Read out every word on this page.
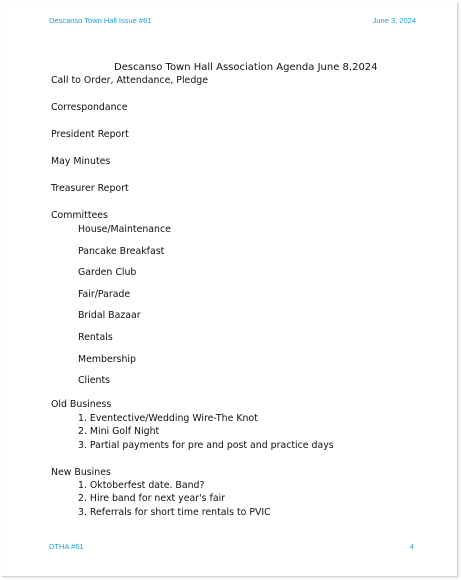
Descanso Town Hall Issue #61	June 3, 2024
Descanso Town Hall Association Agenda June 8,2024
Call to Order, Attendance, Pledge
Correspondance
President Report
May Minutes
Treasurer Report
Committees
House/Maintenance
Pancake Breakfast
Garden Club
Fair/Parade
Bridal Bazaar
Rentals
Membership
Clients
Old Business
1. Eventective/Wedding Wire-The Knot
2. Mini Golf Night
3. Partial payments for pre and post and practice days
New Busines
1. Oktoberfest date. Band?
2. Hire band for next year's fair
3. Referrals for short time rentals to PVIC
DTHA #61	4
